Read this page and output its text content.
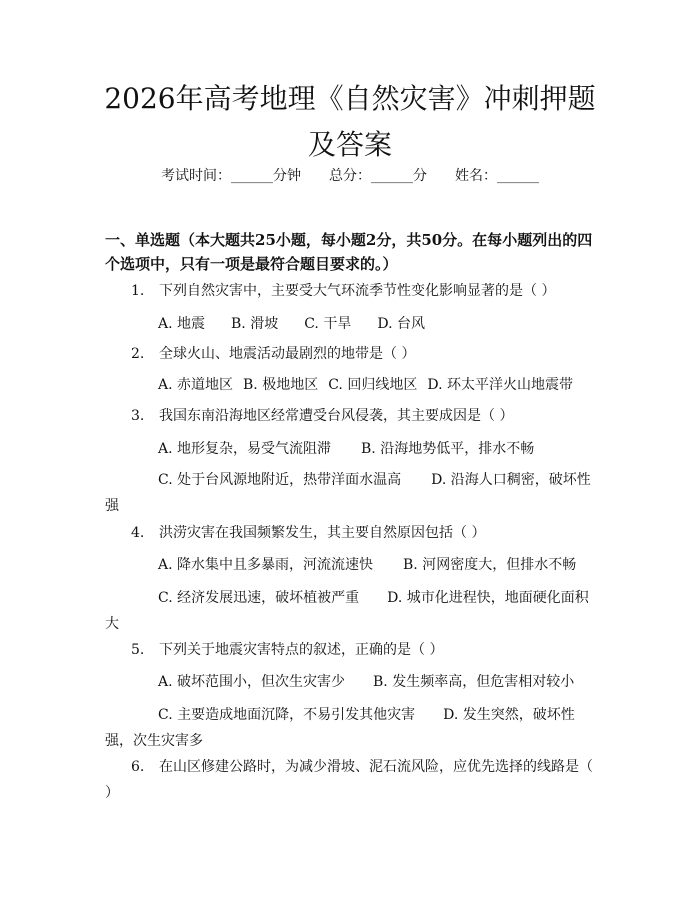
2026年高考地理《自然灾害》冲刺押题及答案
考试时间：______分钟 总分：______分 姓名：______

一、单选题（本大题共25小题，每小题2分，共50分。在每小题列出的四个选项中，只有一项是最符合题目要求的。）

1. 下列自然灾害中，主要受大气环流季节性变化影响显著的是（ ）

A. 地震 B. 滑坡 C. 干旱 D. 台风

2. 全球火山、地震活动最剧烈的地带是（ ）

A. 赤道地区 B. 极地地区 C. 回归线地区 D. 环太平洋火山地震带

3. 我国东南沿海地区经常遭受台风侵袭，其主要成因是（ ）

A. 地形复杂，易受气流阻滞 B. 沿海地势低平，排水不畅

C. 处于台风源地附近，热带洋面水温高 D. 沿海人口稠密，破坏性强

4. 洪涝灾害在我国频繁发生，其主要自然原因包括（ ）

A. 降水集中且多暴雨，河流流速快 B. 河网密度大，但排水不畅

C. 经济发展迅速，破坏植被严重 D. 城市化进程快，地面硬化面积大

5. 下列关于地震灾害特点的叙述，正确的是（ ）

A. 破坏范围小，但次生灾害少 B. 发生频率高，但危害相对较小

C. 主要造成地面沉降，不易引发其他灾害 D. 发生突然，破坏性强，次生灾害多

6. 在山区修建公路时，为减少滑坡、泥石流风险，应优先选择的线路是（ ）
